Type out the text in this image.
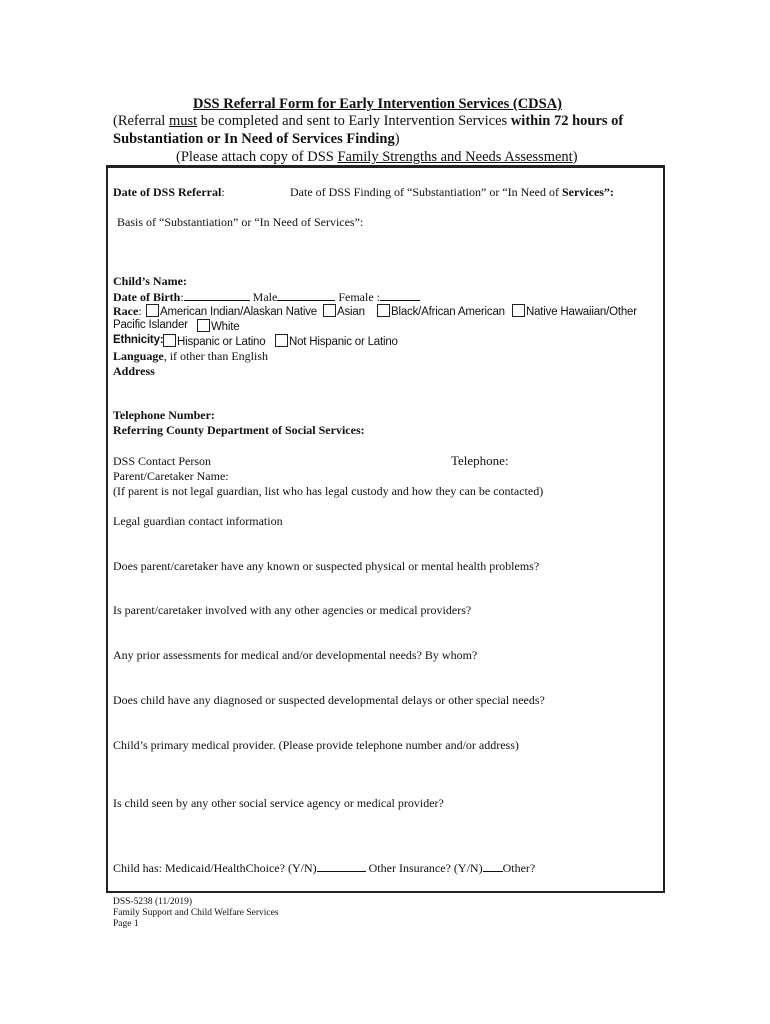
DSS Referral Form for Early Intervention Services (CDSA)
(Referral must be completed and sent to Early Intervention Services within 72 hours of
Substantiation or In Need of Services Finding)
(Please attach copy of DSS Family Strengths and Needs Assessment)
Date of DSS Referral:	Date of DSS Finding of “Substantiation” or “In Need of Services”:
Basis of “Substantiation” or “In Need of Services”:
Child’s Name:
Date of Birth:	Male	Female :
Race:	American Indian/Alaskan Native	Asian	Black/African American	Native Hawaiian/Other
Pacific Islander	White
Ethnicity:	Hispanic or Latino	Not Hispanic or Latino
Language, if other than English
Address
Telephone Number:
Referring County Department of Social Services:
DSS Contact Person	Telephone:
Parent/Caretaker Name:
(If parent is not legal guardian, list who has legal custody and how they can be contacted)
Legal guardian contact information
Does parent/caretaker have any known or suspected physical or mental health problems?
Is parent/caretaker involved with any other agencies or medical providers?
Any prior assessments for medical and/or developmental needs? By whom?
Does child have any diagnosed or suspected developmental delays or other special needs?
Child’s primary medical provider. (Please provide telephone number and/or address)
Is child seen by any other social service agency or medical provider?
Child has: Medicaid/HealthChoice? (Y/N)	Other Insurance? (Y/N) Other?
DSS-5238 (11/2019)
Family Support and Child Welfare Services
Page 1
